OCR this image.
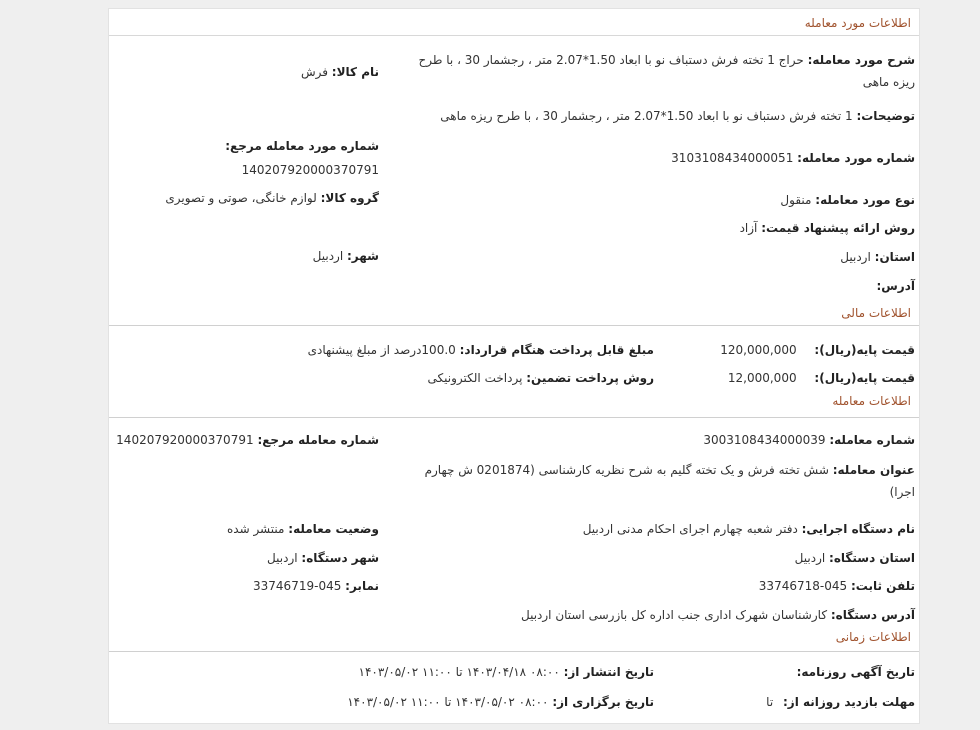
اطلاعات مورد معامله
شرح مورد معامله: حراج 1 تخته فرش دستباف نو با ابعاد 1.50*2.07 متر ، رجشمار 30 ، با طرح
ریزه ماهی
نام کالا: فرش
توضیحات: 1 تخته فرش دستباف نو با ابعاد 1.50*2.07 متر ، رجشمار 30 ، با طرح ریزه ماهی
شماره مورد معامله مرجع:
140207920000370791
شماره مورد معامله: 3103108434000051
گروه کالا: لوازم خانگی، صوتی و تصویری	نوع مورد معامله: منقول
روش ارائه پیشنهاد قیمت: آزاد
شهر: اردبیل	استان: اردبیل
آدرس:
اطلاعات مالی
قیمت پایه(ریال): 120,000,000
مبلغ قابل پرداخت هنگام قرارداد: 100.0درصد از مبلغ پیشنهادی
قیمت پایه(ریال): 12,000,000
روش پرداخت تضمین: پرداخت الکترونیکی
اطلاعات معامله
شماره معامله: 3003108434000039
شماره معامله مرجع: 140207920000370791
عنوان معامله: شش تخته فرش و یک تخته گلیم به شرح نظریه کارشناسی (0201874 ش چهارم
اجرا)
نام دستگاه اجرایی: دفتر شعبه چهارم اجرای احکام مدنی اردبیل
وضعیت معامله: منتشر شده
استان دستگاه: اردبیل
شهر دستگاه: اردبیل
تلفن ثابت: 045-33746718
نمابر: 045-33746719
آدرس دستگاه: کارشناسان شهرک اداری جنب اداره کل بازرسی استان اردبیل
اطلاعات زمانی
تاریخ آگهی روزنامه:
تاریخ انتشار از: ۰۸:۰۰ ۱۴۰۳/۰۴/۱۸ تا ۱۱:۰۰ ۱۴۰۳/۰۵/۰۲
مهلت بازدید روزانه از: تا
تاریخ برگزاری از: ۰۸:۰۰ ۱۴۰۳/۰۵/۰۲ تا ۱۱:۰۰ ۱۴۰۳/۰۵/۰۲
